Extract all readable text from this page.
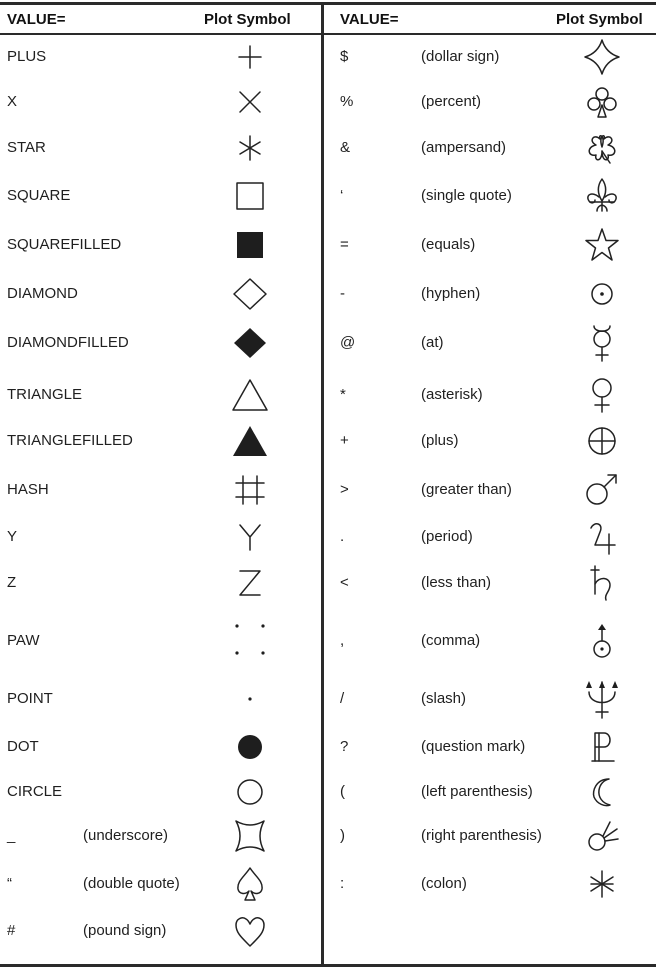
VALUE=	Plot Symbol	VALUE=	Plot Symbol
PLUS
X
STAR
SQUARE
SQUAREFILLED
DIAMOND
DIAMONDFILLED
TRIANGLE
TRIANGLEFILLED
HASH
Y
Z
PAW
POINT
DOT
CIRCLE
_	(underscore)
“	(double quote)
#	(pound sign)
$	(dollar sign)
%	(percent)
&	(ampersand)
‘	(single quote)
=	(equals)
-	(hyphen)
@	(at)
*	(asterisk)
+	(plus)
>	(greater than)
.	(period)
<	(less than)
,	(comma)
/	(slash)
?	(question mark)
(	(left parenthesis)
)	(right parenthesis)
:	(colon)
